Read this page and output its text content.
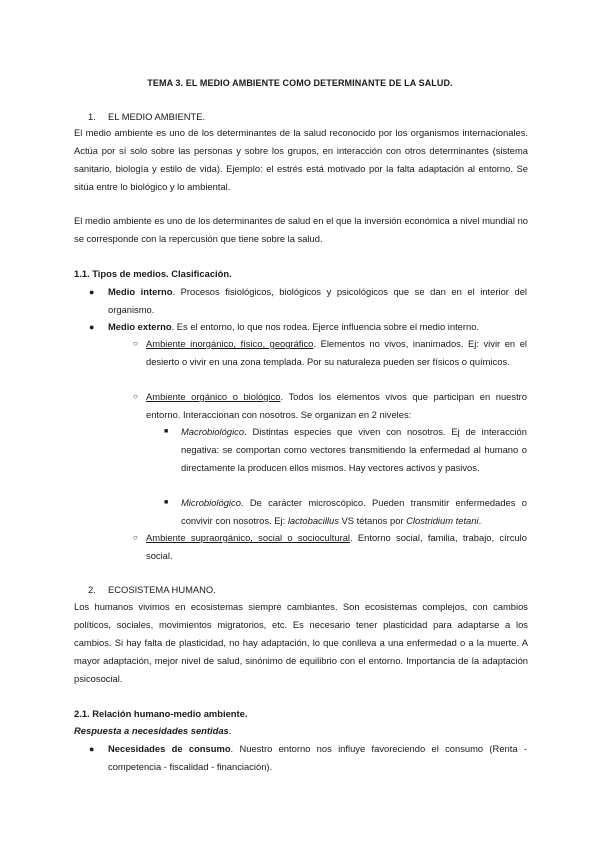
TEMA 3. EL MEDIO AMBIENTE COMO DETERMINANTE DE LA SALUD.
1. EL MEDIO AMBIENTE.
El medio ambiente es uno de los determinantes de la salud reconocido por los organismos internacionales. Actúa por sí solo sobre las personas y sobre los grupos, en interacción con otros determinantes (sistema sanitario, biología y estilo de vida). Ejemplo: el estrés está motivado por la falta adaptación al entorno. Se sitúa entre lo biológico y lo ambiental.
El medio ambiente es uno de los determinantes de salud en el que la inversión económica a nivel mundial no se corresponde con la repercusión que tiene sobre la salud.
1.1. Tipos de medios. Clasificación.
● Medio interno. Procesos fisiológicos, biológicos y psicológicos que se dan en el interior del organismo.
● Medio externo. Es el entorno, lo que nos rodea. Ejerce influencia sobre el medio interno.
○ Ambiente inorgánico, físico, geográfico. Elementos no vivos, inanimados. Ej: vivir en el desierto o vivir en una zona templada. Por su naturaleza pueden ser físicos o químicos.
○ Ambiente orgánico o biológico. Todos los elementos vivos que participan en nuestro entorno. Interaccionan con nosotros. Se organizan en 2 niveles:
■ Macrobiológico. Distintas especies que viven con nosotros. Ej de interacción negativa: se comportan como vectores transmitiendo la enfermedad al humano o directamente la producen ellos mismos. Hay vectores activos y pasivos.
■ Microbiológico. De carácter microscópico. Pueden transmitir enfermedades o convivir con nosotros. Ej: lactobacillus VS tétanos por Clostridium tetani.
○ Ambiente supraorgánico, social o sociocultural. Entorno social, familia, trabajo, círculo social.
2. ECOSISTEMA HUMANO.
Los humanos vivimos en ecosistemas siempre cambiantes. Son ecosistemas complejos, con cambios políticos, sociales, movimientos migratorios, etc. Es necesario tener plasticidad para adaptarse a los cambios. Si hay falta de plasticidad, no hay adaptación, lo que conlleva a una enfermedad o a la muerte. A mayor adaptación, mejor nivel de salud, sinónimo de equilibrio con el entorno. Importancia de la adaptación psicosocial.
2.1. Relación humano-medio ambiente.
Respuesta a necesidades sentidas.
● Necesidades de consumo. Nuestro entorno nos influye favoreciendo el consumo (Renta - competencia - fiscalidad - financiación).
